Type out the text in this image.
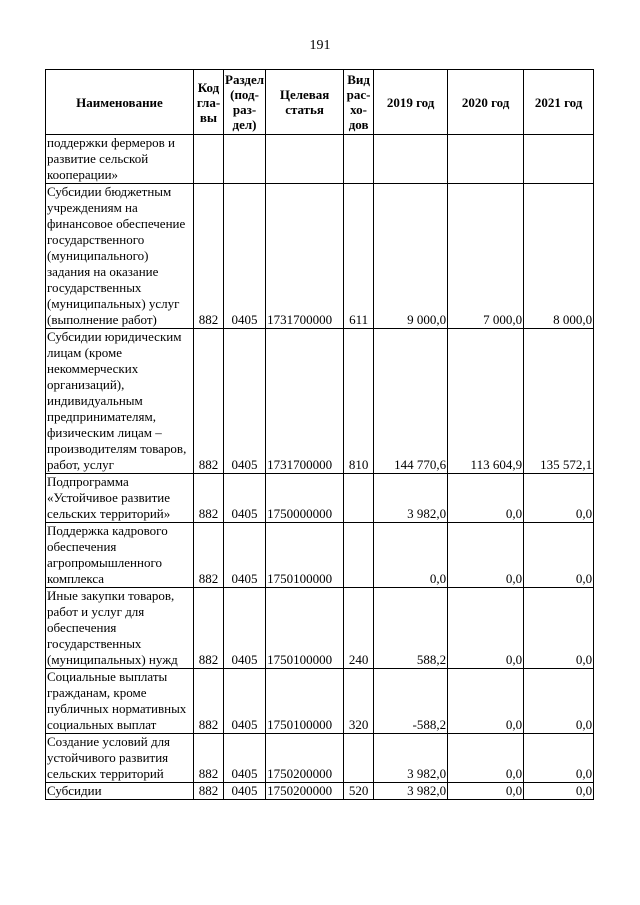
191
Наименование	Код гла- вы	Раздел (под- раз- дел)	Целевая статья	Вид рас- хо- дов	2019 год	2020 год	2021 год
поддержки фермеров и развитие сельской кооперации»							
Субсидии бюджетным учреждениям на финансовое обеспечение государственного (муниципального) задания на оказание государственных (муниципальных) услуг (выполнение работ)	882	0405	1731700000	611	9 000,0	7 000,0	8 000,0
Субсидии юридическим лицам (кроме некоммерческих организаций), индивидуальным предпринимателям, физическим лицам – производителям товаров, работ, услуг	882	0405	1731700000	810	144 770,6	113 604,9	135 572,1
Подпрограмма «Устойчивое развитие сельских территорий»	882	0405	1750000000		3 982,0	0,0	0,0
Поддержка кадрового обеспечения агропромышленного комплекса	882	0405	1750100000		0,0	0,0	0,0
Иные закупки товаров, работ и услуг для обеспечения государственных (муниципальных) нужд	882	0405	1750100000	240	588,2	0,0	0,0
Социальные выплаты гражданам, кроме публичных нормативных социальных выплат	882	0405	1750100000	320	-588,2	0,0	0,0
Создание условий для устойчивого развития сельских территорий	882	0405	1750200000		3 982,0	0,0	0,0
Субсидии	882	0405	1750200000	520	3 982,0	0,0	0,0
